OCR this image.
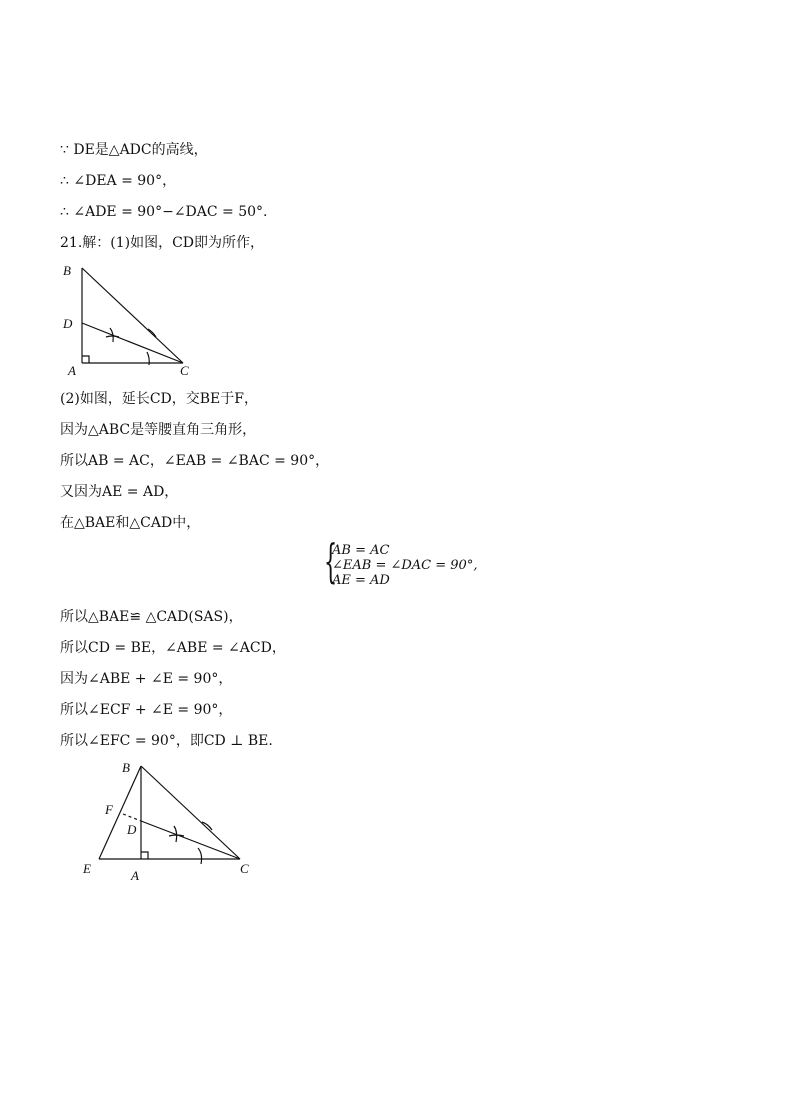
∵ DE是△ADC的高线，
∴ ∠DEA = 90°，
∴ ∠ADE = 90°−∠DAC = 50°.
21.解：(1)如图，CD即为所作，
B
D
A	C
(2)如图，延长CD，交BE于F，
因为△ABC是等腰直角三角形，
所以AB = AC，∠EAB = ∠BAC = 90°，
又因为AE = AD，
在△BAE和△CAD中，
{
AB = AC
∠EAB = ∠DAC = 90°,
AE = AD
所以△BAE≌ △CAD(SAS)，
所以CD = BE，∠ABE = ∠ACD，
因为∠ABE + ∠E = 90°，
所以∠ECF + ∠E = 90°，
所以∠EFC = 90°，即CD ⊥ BE.
B
F
D
E	A	C
